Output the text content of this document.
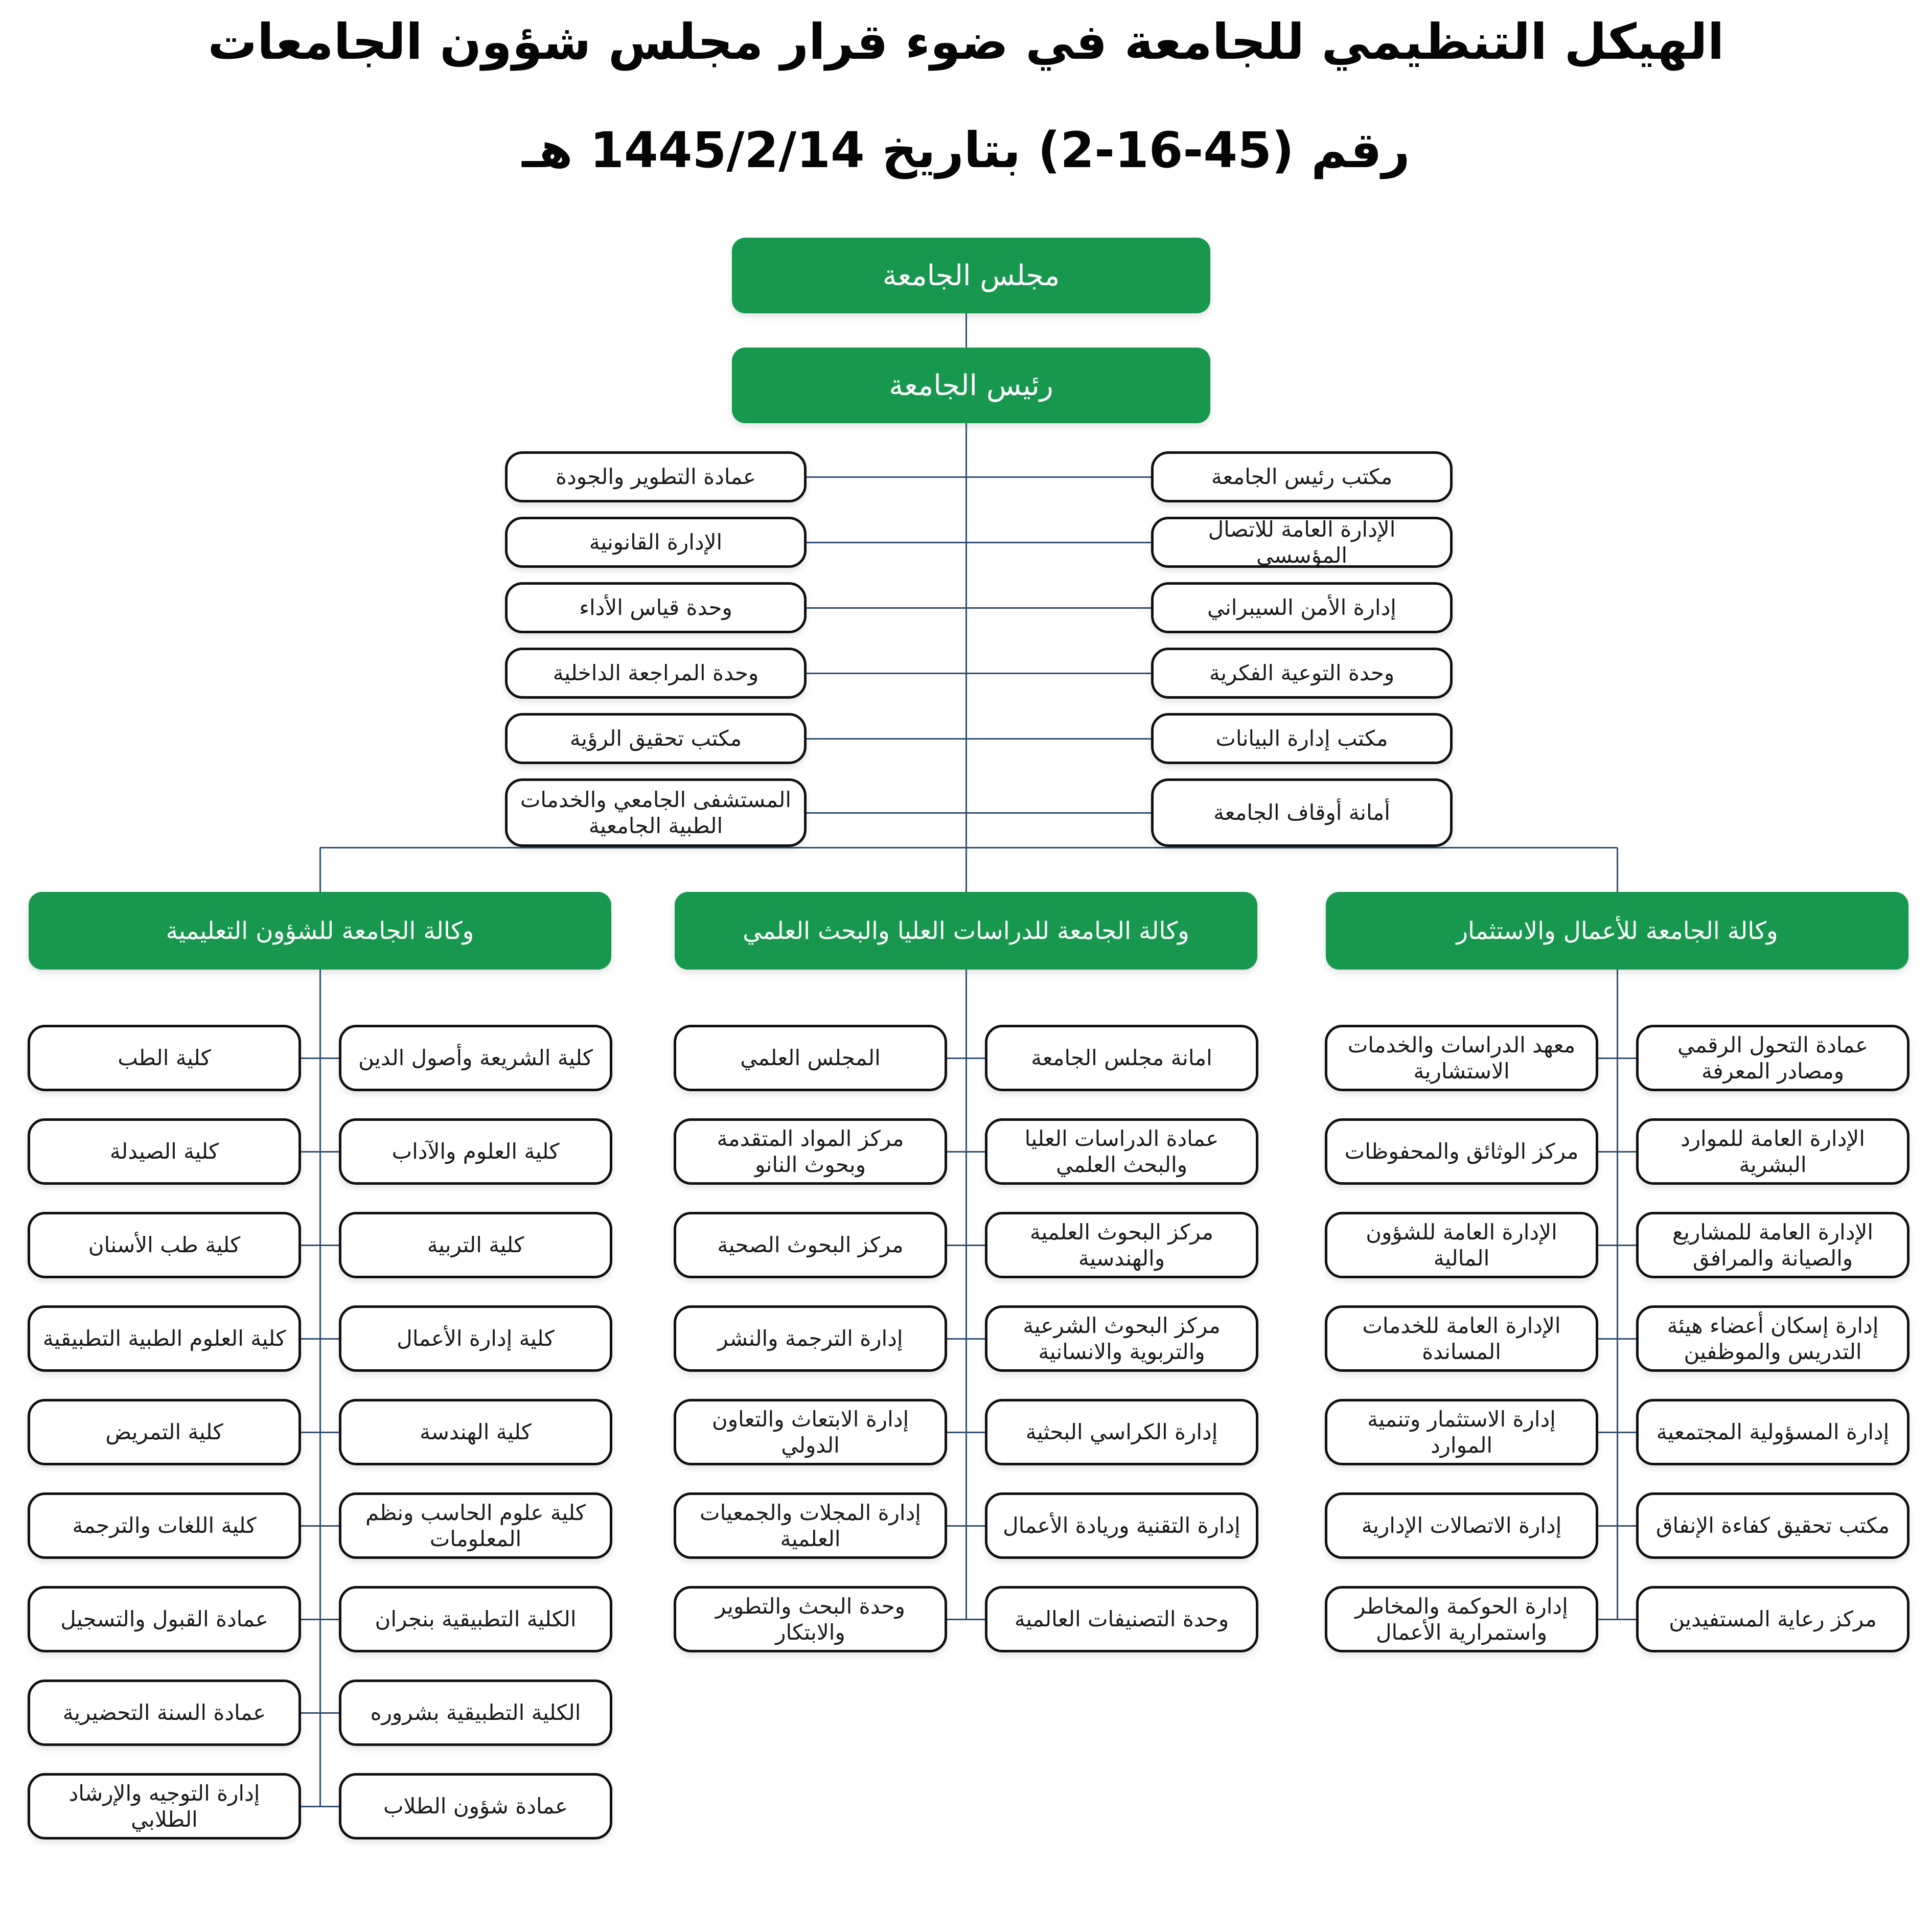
الهيكل التنظيمي للجامعة في ضوء قرار مجلس شؤون الجامعات
رقم (45-16-2) بتاريخ 1445/2/14 هـ
مجلس الجامعة
رئيس الجامعة
وكالة الجامعة للشؤون التعليمية	وكالة الجامعة للدراسات العليا والبحث العلمي	وكالة الجامعة للأعمال والاستثمار
عمادة التطوير والجودة	مكتب رئيس الجامعة
الإدارة القانونية
الإدارة العامة للاتصال المؤسسي
وحدة قياس الأداء	إدارة الأمن السيبراني
وحدة المراجعة الداخلية	وحدة التوعية الفكرية
مكتب تحقيق الرؤية	مكتب إدارة البيانات
المستشفى الجامعي والخدمات الطبية الجامعية
أمانة أوقاف الجامعة
كلية الطب	كلية الشريعة وأصول الدين
كلية الصيدلة	كلية العلوم والآداب
كلية طب الأسنان	كلية التربية
كلية العلوم الطبية التطبيقية	كلية إدارة الأعمال
كلية التمريض	كلية الهندسة
كلية اللغات والترجمة
كلية علوم الحاسب ونظم المعلومات
عمادة القبول والتسجيل	الكلية التطبيقية بنجران
عمادة السنة التحضيرية	الكلية التطبيقية بشروره
إدارة التوجيه والإرشاد الطلابي
عمادة شؤون الطلاب
المجلس العلمي	امانة مجلس الجامعة
مركز المواد المتقدمة وبحوث النانو
عمادة الدراسات العليا والبحث العلمي
مركز البحوث الصحية
مركز البحوث العلمية والهندسية
إدارة الترجمة والنشر
مركز البحوث الشرعية والتربوية والانسانية
إدارة الابتعاث والتعاون الدولي
إدارة الكراسي البحثية
إدارة المجلات والجمعيات العلمية
إدارة التقنية وريادة الأعمال
وحدة البحث والتطوير والابتكار
وحدة التصنيفات العالمية
معهد الدراسات والخدمات الاستشارية
عمادة التحول الرقمي ومصادر المعرفة
مركز الوثائق والمحفوظات
الإدارة العامة للموارد البشرية
الإدارة العامة للشؤون المالية
الإدارة العامة للمشاريع والصيانة والمرافق
الإدارة العامة للخدمات المساندة
إدارة إسكان أعضاء هيئة التدريس والموظفين
إدارة الاستثمار وتنمية الموارد
إدارة المسؤولية المجتمعية
إدارة الاتصالات الإدارية	مكتب تحقيق كفاءة الإنفاق
إدارة الحوكمة والمخاطر واستمرارية الأعمال
مركز رعاية المستفيدين
